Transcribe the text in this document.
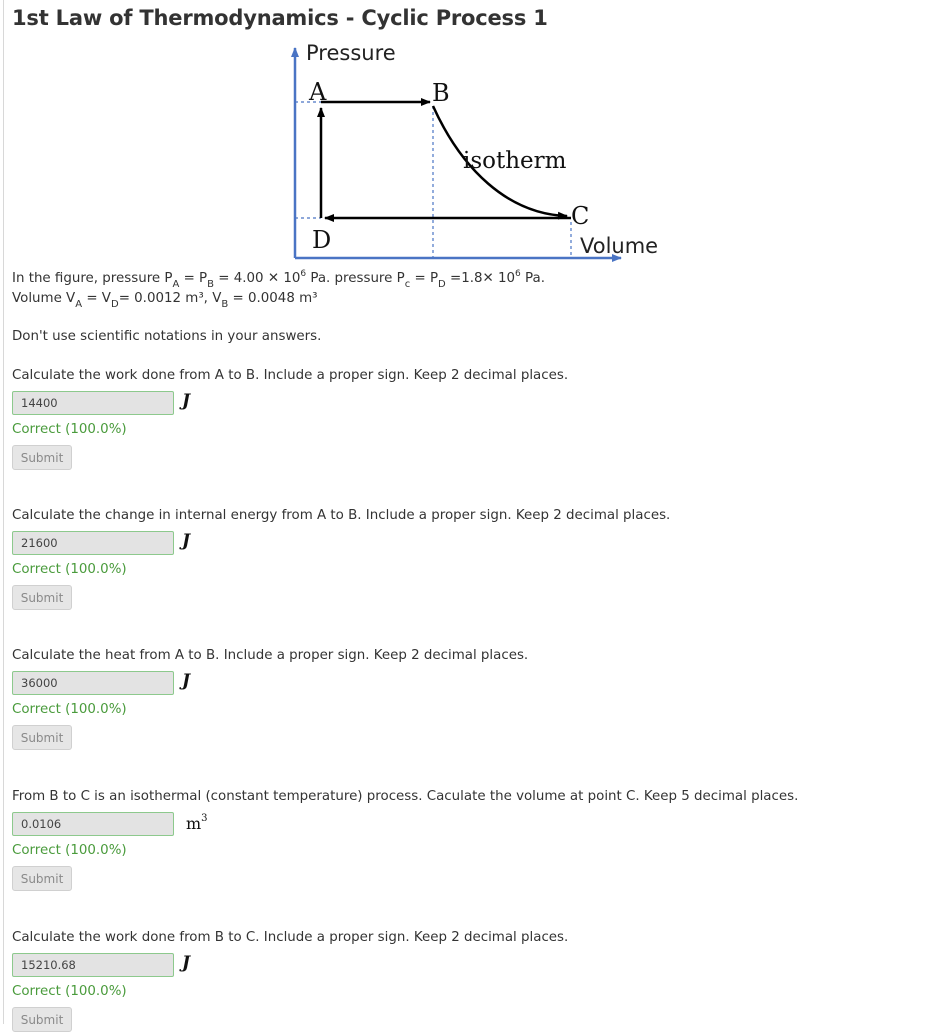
1st Law of Thermodynamics - Cyclic Process 1
Pressure
Volume
A	B
C
D
isotherm
In the figure, pressure $P_A = P_B = 4.00$ ✕ $10^6$ Pa. pressure $P_c = P_D$ =1.8✕ $10^6$ Pa.
Volume $V_A = V_D= 0.0012$ m³, $V_B = 0.0048$ m³
Don't use scientific notations in your answers.
Calculate the work done from A to B. Include a proper sign. Keep 2 decimal places.
14400	J
Correct (100.0%)
Submit
Calculate the change in internal energy from A to B. Include a proper sign. Keep 2 decimal places.
21600	J
Correct (100.0%)
Submit
Calculate the heat from A to B. Include a proper sign. Keep 2 decimal places.
36000	J
Correct (100.0%)
Submit
From B to C is an isothermal (constant temperature) process. Caculate the volume at point C. Keep 5 decimal places.
0.0106	$m^3$
Correct (100.0%)
Submit
Calculate the work done from B to C. Include a proper sign. Keep 2 decimal places.
15210.68	J
Correct (100.0%)
Submit
